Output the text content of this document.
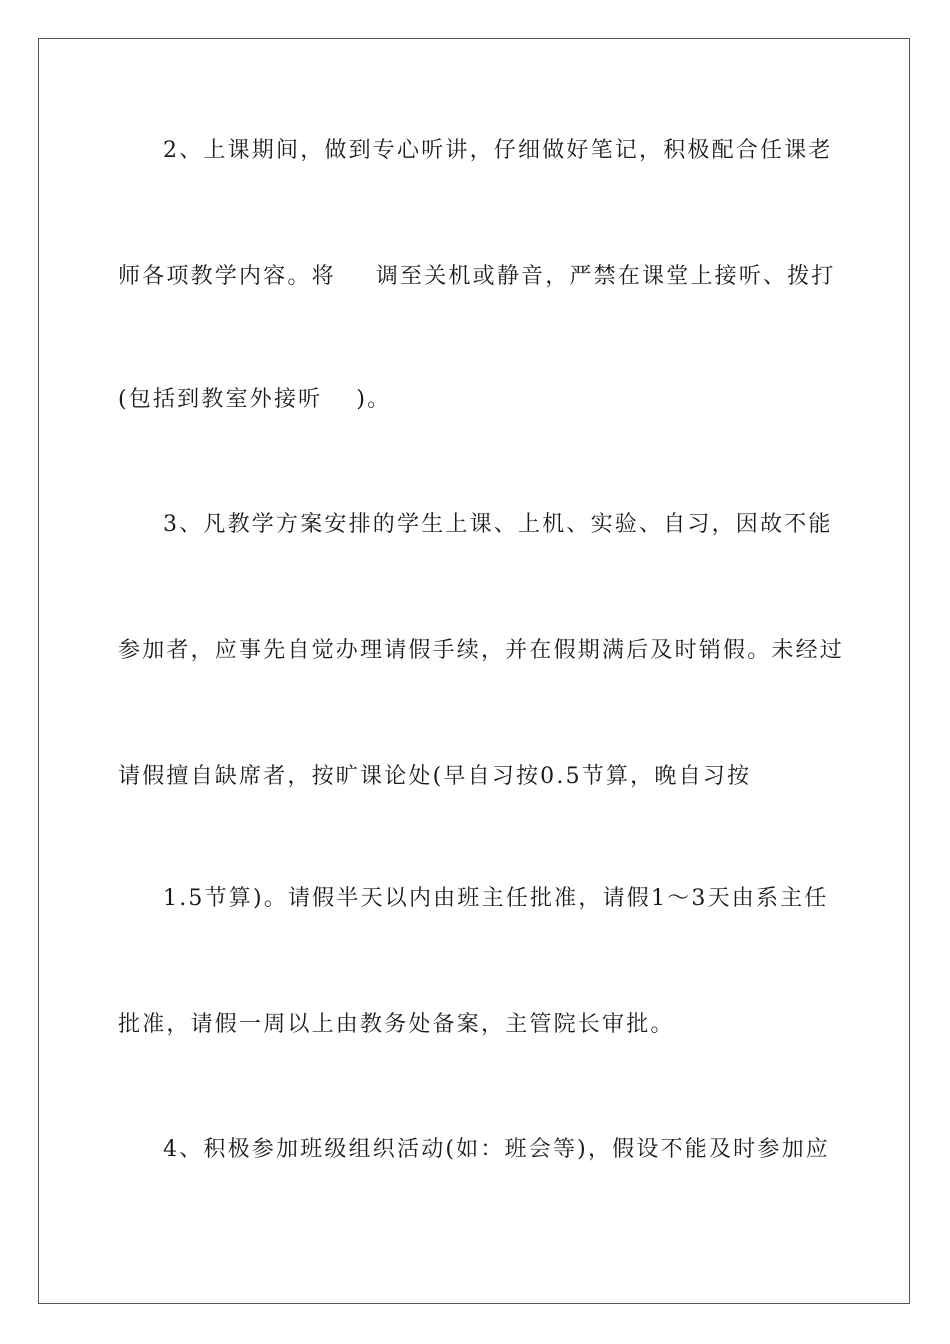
2、上课期间，做到专心听讲，仔细做好笔记，积极配合任课老
师各项教学内容。将 调至关机或静音，严禁在课堂上接听、拨打
(包括到教室外接听 )。
3、凡教学方案安排的学生上课、上机、实验、自习，因故不能
参加者，应事先自觉办理请假手续，并在假期满后及时销假。未经过
请假擅自缺席者，按旷课论处(早自习按0.5节算，晚自习按
1.5节算)。请假半天以内由班主任批准，请假1～3天由系主任
批准，请假一周以上由教务处备案，主管院长审批。
4、积极参加班级组织活动(如：班会等)，假设不能及时参加应
